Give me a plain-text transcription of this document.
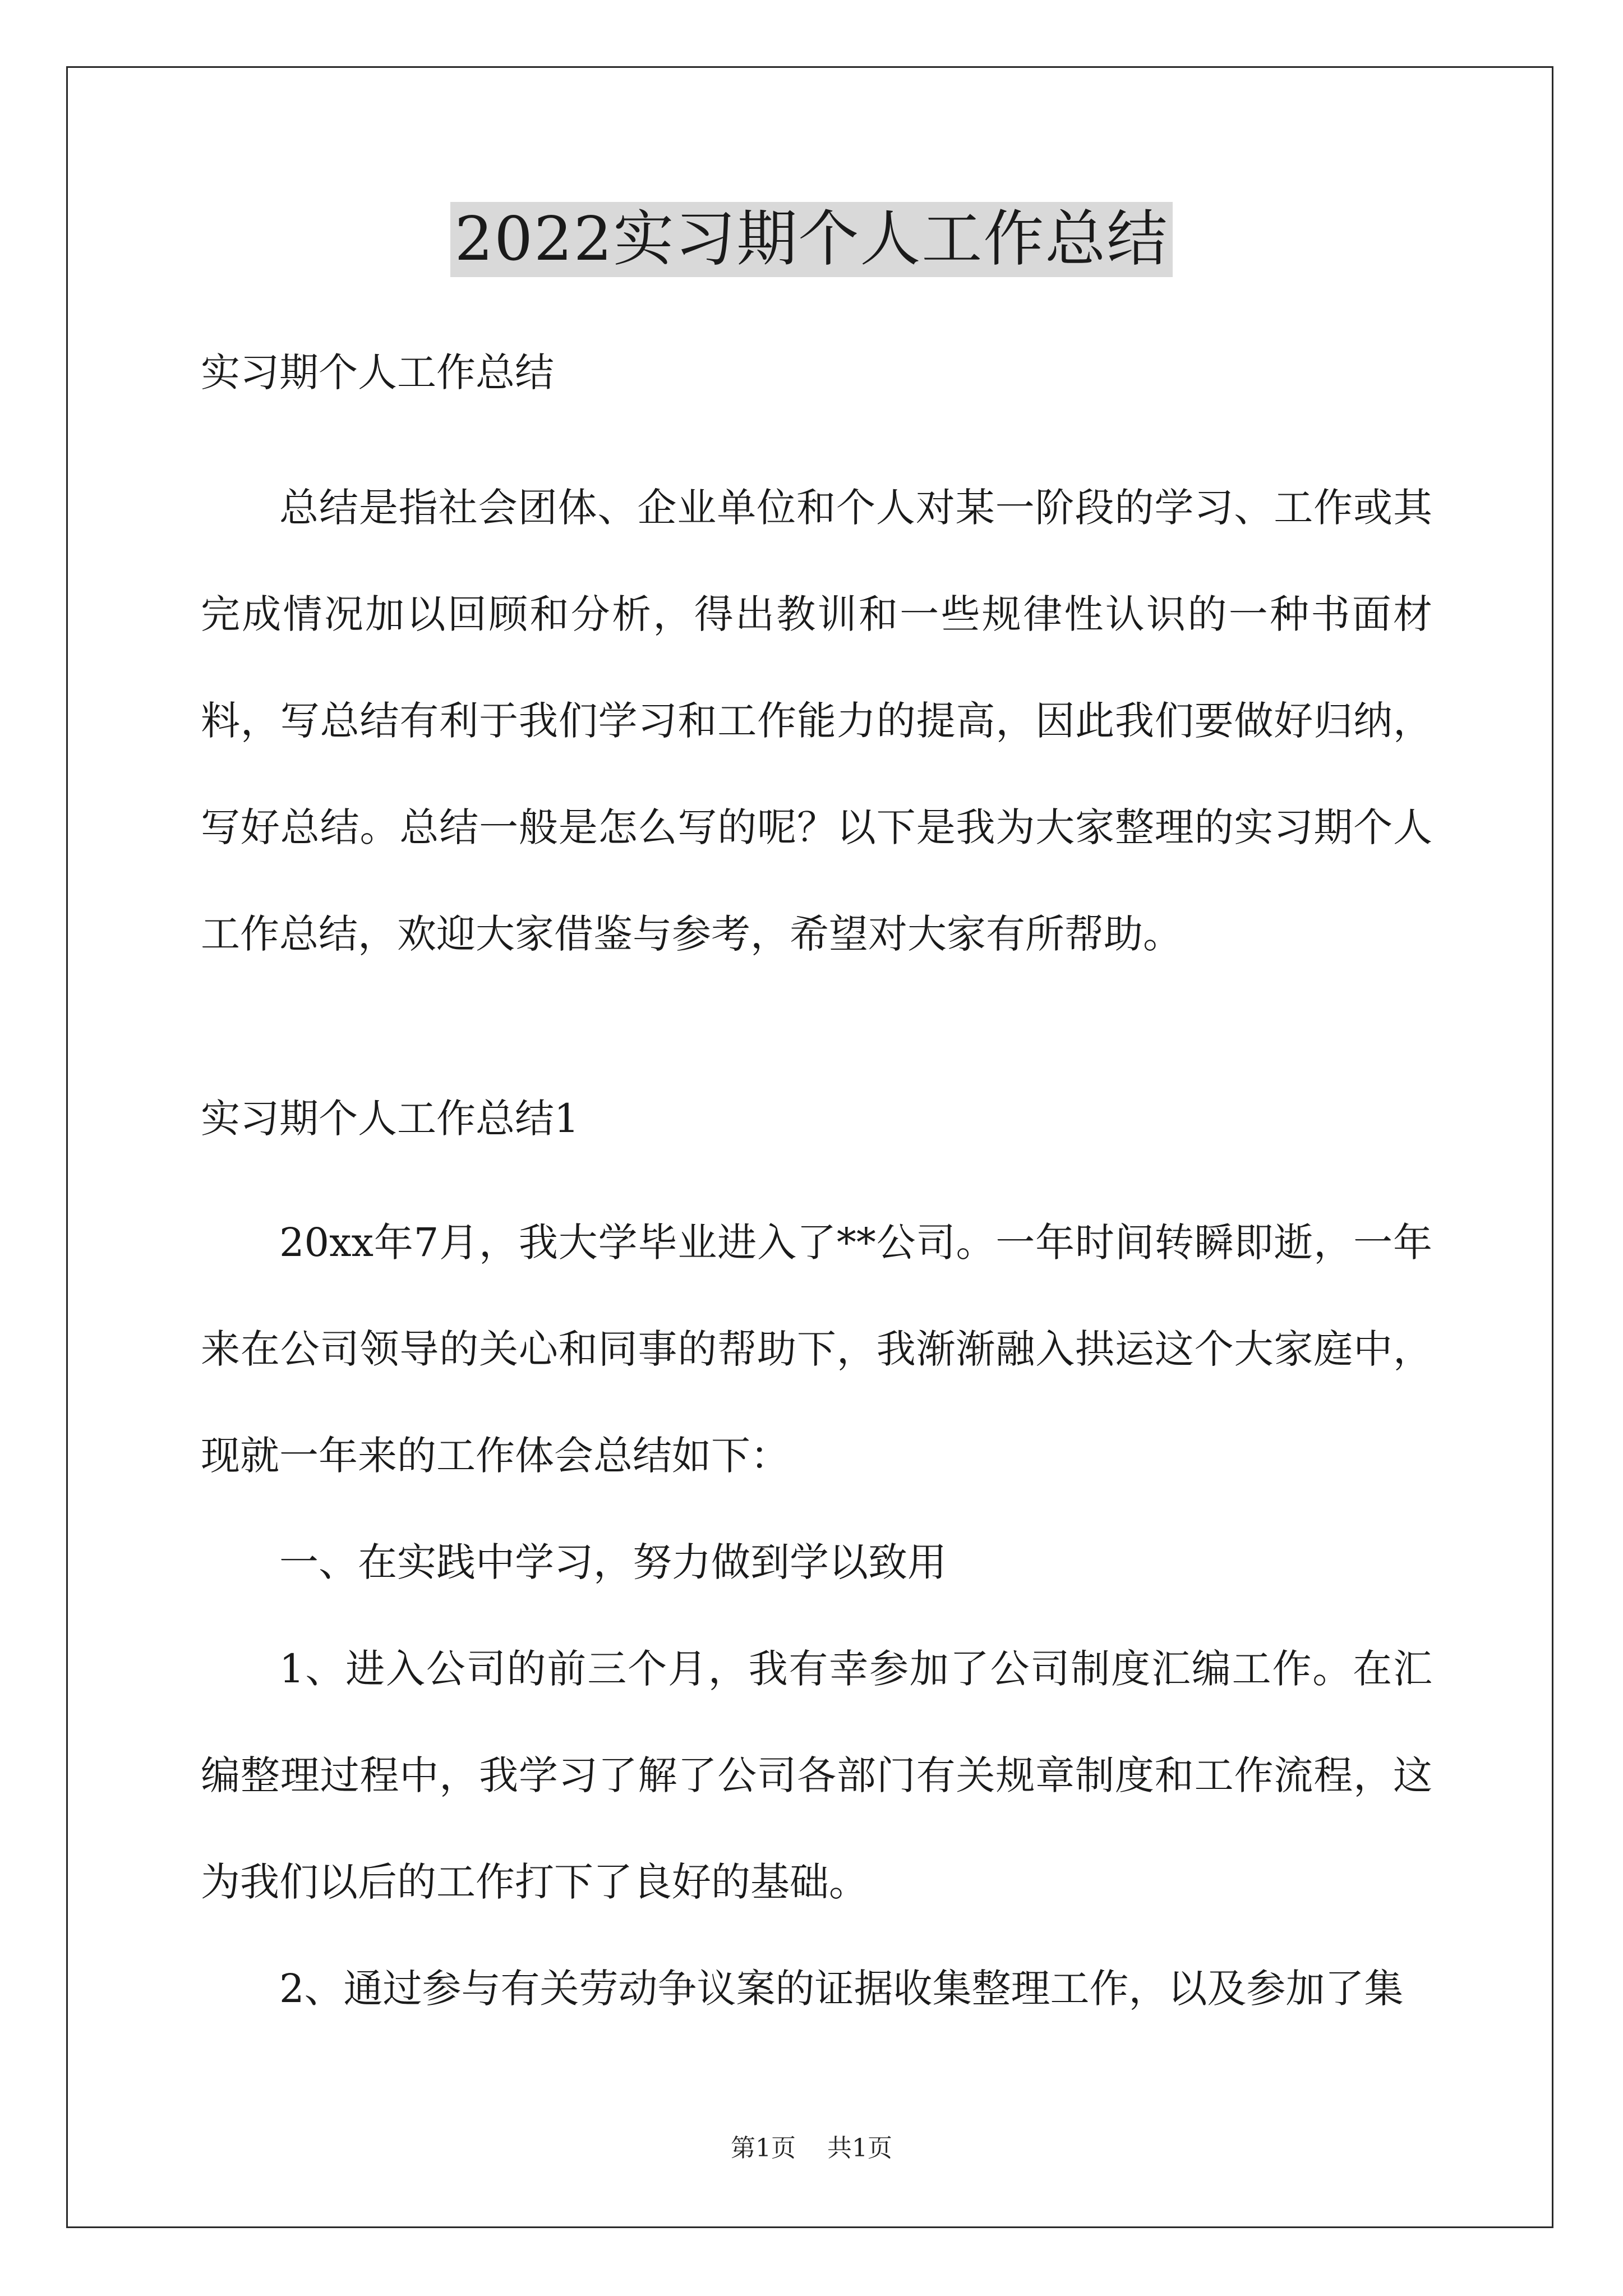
2022实习期个人工作总结

实习期个人工作总结

总结是指社会团体、企业单位和个人对某一阶段的学习、工作或其完成情况加以回顾和分析，得出教训和一些规律性认识的一种书面材料，写总结有利于我们学习和工作能力的提高，因此我们要做好归纳，写好总结。总结一般是怎么写的呢？以下是我为大家整理的实习期个人工作总结，欢迎大家借鉴与参考，希望对大家有所帮助。

实习期个人工作总结1

20xx年7月，我大学毕业进入了**公司。一年时间转瞬即逝，一年来在公司领导的关心和同事的帮助下，我渐渐融入拱运这个大家庭中，现就一年来的工作体会总结如下：

一、在实践中学习，努力做到学以致用

1、进入公司的前三个月，我有幸参加了公司制度汇编工作。在汇编整理过程中，我学习了解了公司各部门有关规章制度和工作流程，这为我们以后的工作打下了良好的基础。

2、通过参与有关劳动争议案的证据收集整理工作，以及参加了集

第1页 共1页
